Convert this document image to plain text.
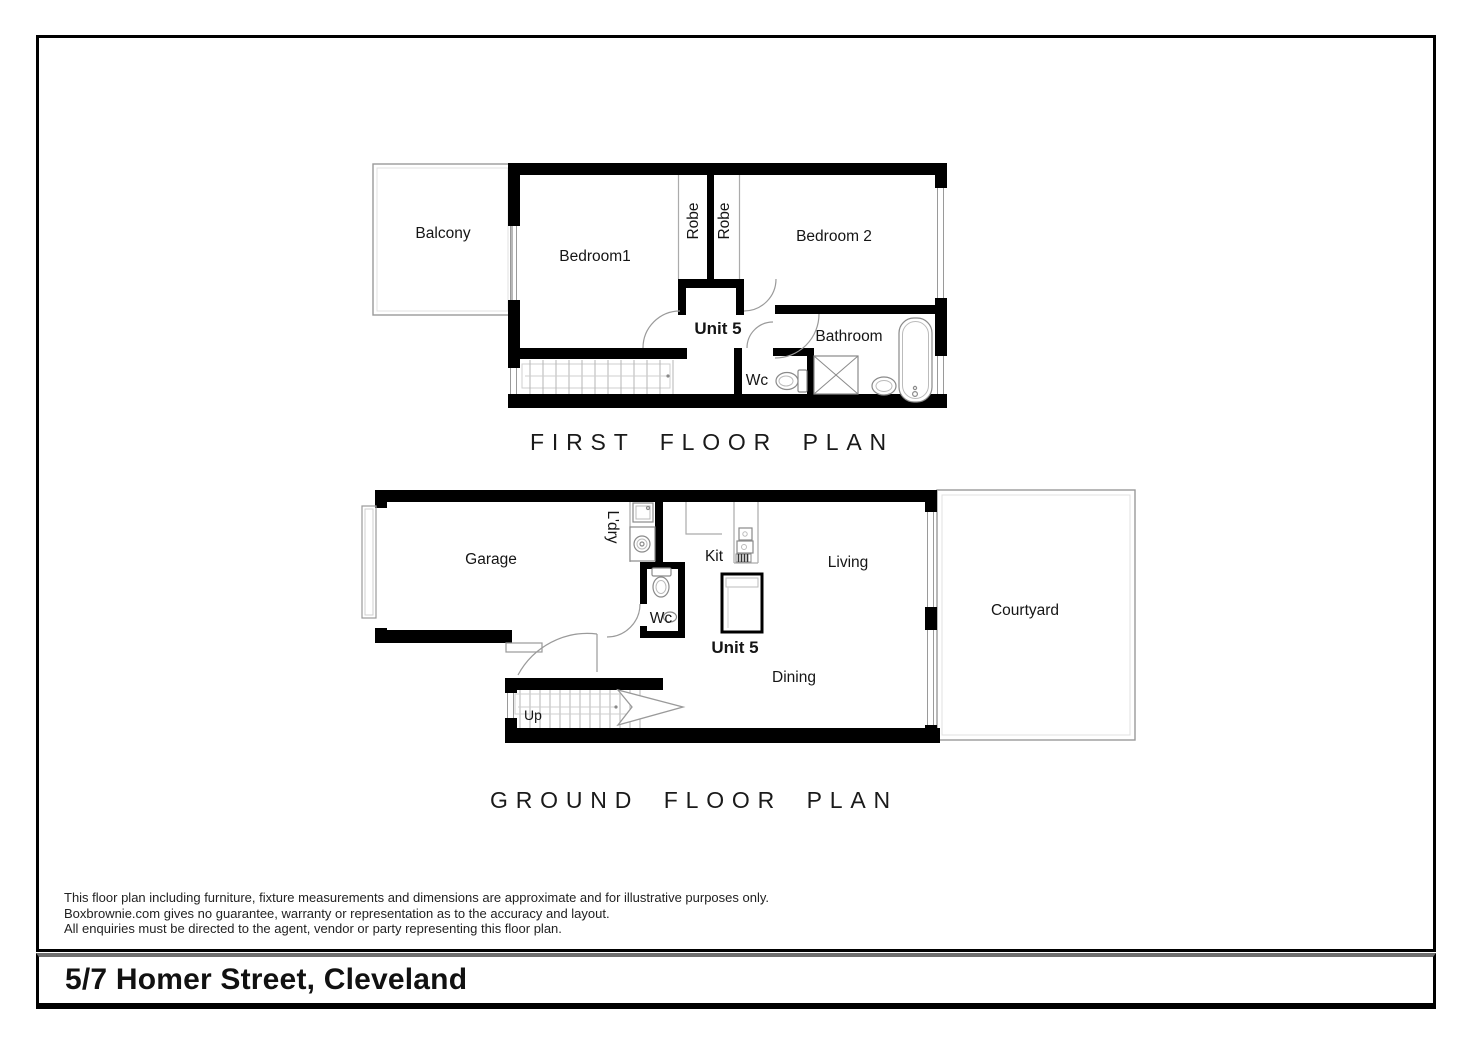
Balcony
Bedroom1
Robe Robe	Bedroom 2
Unit 5	Bathroom
Wc
FIRST FLOOR PLAN
Garage
L'dry
Kit	Living
Courtyard
Wc
Unit 5
Dining
Up
GROUND FLOOR PLAN
This floor plan including furniture, fixture measurements and dimensions are approximate and for illustrative purposes only.
Boxbrownie.com gives no guarantee, warranty or representation as to the accuracy and layout.
All enquiries must be directed to the agent, vendor or party representing this floor plan.
5/7 Homer Street, Cleveland
